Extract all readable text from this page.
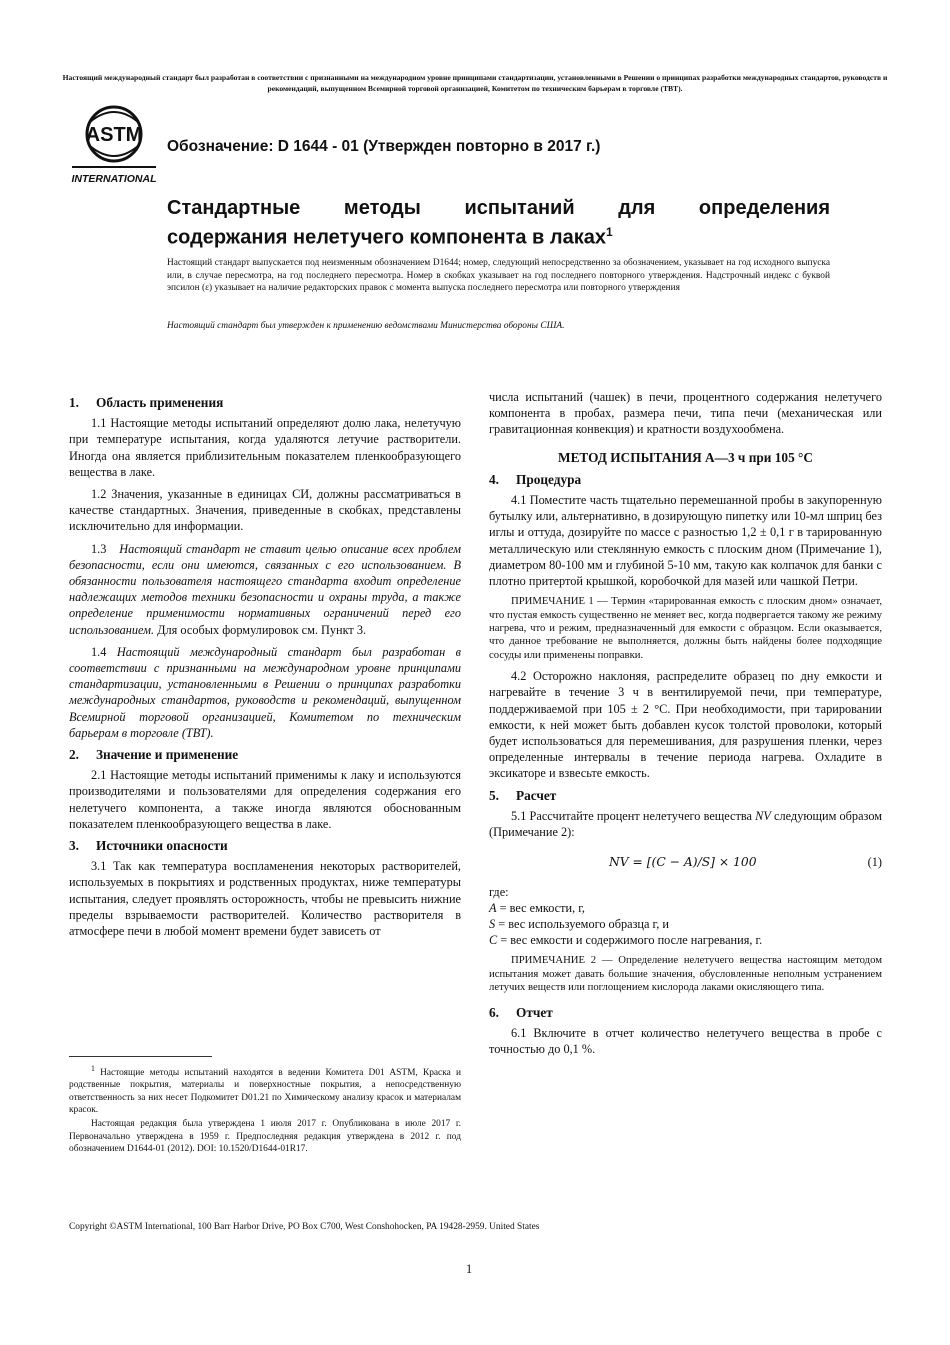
Настоящий международный стандарт был разработан в соответствии с признанными на международном уровне принципами стандартизации, установленными в Решении о принципах разработки международных стандартов, руководств и рекомендаций, выпущенном Всемирной торговой организацией, Комитетом по техническим барьерам в торговле (ТВТ).
ASTM
INTERNATIONAL
Обозначение: D 1644 - 01 (Утвержден повторно в 2017 г.)
Стандартные методы испытаний для определения
содержания нелетучего компонента в лаках$^1$
Настоящий стандарт выпускается под неизменным обозначением D1644; номер, следующий непосредственно за обозначением, указывает на год исходного выпуска или, в случае пересмотра, на год последнего пересмотра. Номер в скобках указывает на год последнего повторного утверждения. Надстрочный индекс с буквой эпсилон (ε) указывает на наличие редакторских правок с момента выпуска последнего пересмотра или повторного утверждения
Настоящий стандарт был утвержден к применению ведомствами Министерства обороны США.
1. Область применения

1.1 Настоящие методы испытаний определяют долю лака, нелетучую при температуре испытания, когда удаляются летучие растворители. Иногда она является приблизительным показателем пленкообразующего вещества в лаке.

1.2 Значения, указанные в единицах СИ, должны рассматриваться в качестве стандартных. Значения, приведенные в скобках, представлены исключительно для информации.

1.3 Настоящий стандарт не ставит целью описание всех проблем безопасности, если они имеются, связанных с его использованием. В обязанности пользователя настоящего стандарта входит определение надлежащих методов техники безопасности и охраны труда, а также определение применимости нормативных ограничений перед его использованием. Для особых формулировок см. Пункт 3.

1.4 Настоящий международный стандарт был разработан в соответствии с признанными на международном уровне принципами стандартизации, установленными в Решении о принципах разработки международных стандартов, руководств и рекомендаций, выпущенном Всемирной торговой организацией, Комитетом по техническим барьерам в торговле (ТВТ).

2. Значение и применение

2.1 Настоящие методы испытаний применимы к лаку и используются производителями и пользователями для определения содержания его нелетучего компонента, а также иногда являются обоснованным показателем пленкообразующего вещества в лаке.

3. Источники опасности

3.1 Так как температура воспламенения некоторых растворителей, используемых в покрытиях и родственных продуктах, ниже температуры испытания, следует проявлять осторожность, чтобы не превысить нижние пределы взрываемости растворителей. Количество растворителя в атмосфере печи в любой момент времени будет зависеть от

$^1$ Настоящие методы испытаний находятся в ведении Комитета D01 ASTM, Краска и родственные покрытия, материалы и поверхностные покрытия, а непосредственную ответственность за них несет Подкомитет D01.21 по Химическому анализу красок и материалам красок.

Настоящая редакция была утверждена 1 июля 2017 г. Опубликована в июле 2017 г. Первоначально утверждена в 1959 г. Предпоследняя редакция утверждена в 2012 г. под обозначением D1644-01 (2012). DOI: 10.1520/D1644-01R17.

числа испытаний (чашек) в печи, процентного содержания нелетучего компонента в пробах, размера печи, типа печи (механическая или гравитационная конвекция) и кратности воздухообмена.

МЕТОД ИСПЫТАНИЯ A—3 ч при 105 °C
4. Процедура

4.1 Поместите часть тщательно перемешанной пробы в закупоренную бутылку или, альтернативно, в дозирующую пипетку или 10-мл шприц без иглы и оттуда, дозируйте по массе с разностью 1,2 ± 0,1 г в тарированную металлическую или стеклянную емкость с плоским дном (Примечание 1), диаметром 80-100 мм и глубиной 5-10 мм, такую как колпачок для банки с плотно притертой крышкой, коробочкой для мазей или чашкой Петри.

ПРИМЕЧАНИЕ 1 — Термин «тарированная емкость с плоским дном» означает, что пустая емкость существенно не меняет вес, когда подвергается такому же режиму нагрева, что и режим, предназначенный для емкости с образцом. Если оказывается, что данное требование не выполняется, должны быть найдены более подходящие сосуды или применены поправки.

4.2 Осторожно наклоняя, распределите образец по дну емкости и нагревайте в течение 3 ч в вентилируемой печи, при температуре, поддерживаемой при 105 ± 2 °C. При необходимости, при тарировании емкости, к ней может быть добавлен кусок толстой проволоки, который будет использоваться для перемешивания, для разрушения пленки, через определенные интервалы в течение периода нагрева. Охладите в эксикаторе и взвесьте емкость.

5. Расчет

5.1 Рассчитайте процент нелетучего вещества NV следующим образом (Примечание 2):

NV = [(C − A)/S] × 100	(1)
где:
A = вес емкости, г,
S = вес используемого образца г, и
C = вес емкости и содержимого после нагревания, г.

ПРИМЕЧАНИЕ 2 — Определение нелетучего вещества настоящим методом испытания может давать большие значения, обусловленные неполным устранением летучих веществ или поглощением кислорода лаками окисляющего типа.

6. Отчет

6.1 Включите в отчет количество нелетучего вещества в пробе с точностью до 0,1 %.

Copyright ©ASTM International, 100 Barr Harbor Drive, PO Box C700, West Conshohocken, PA 19428-2959. United States
1
